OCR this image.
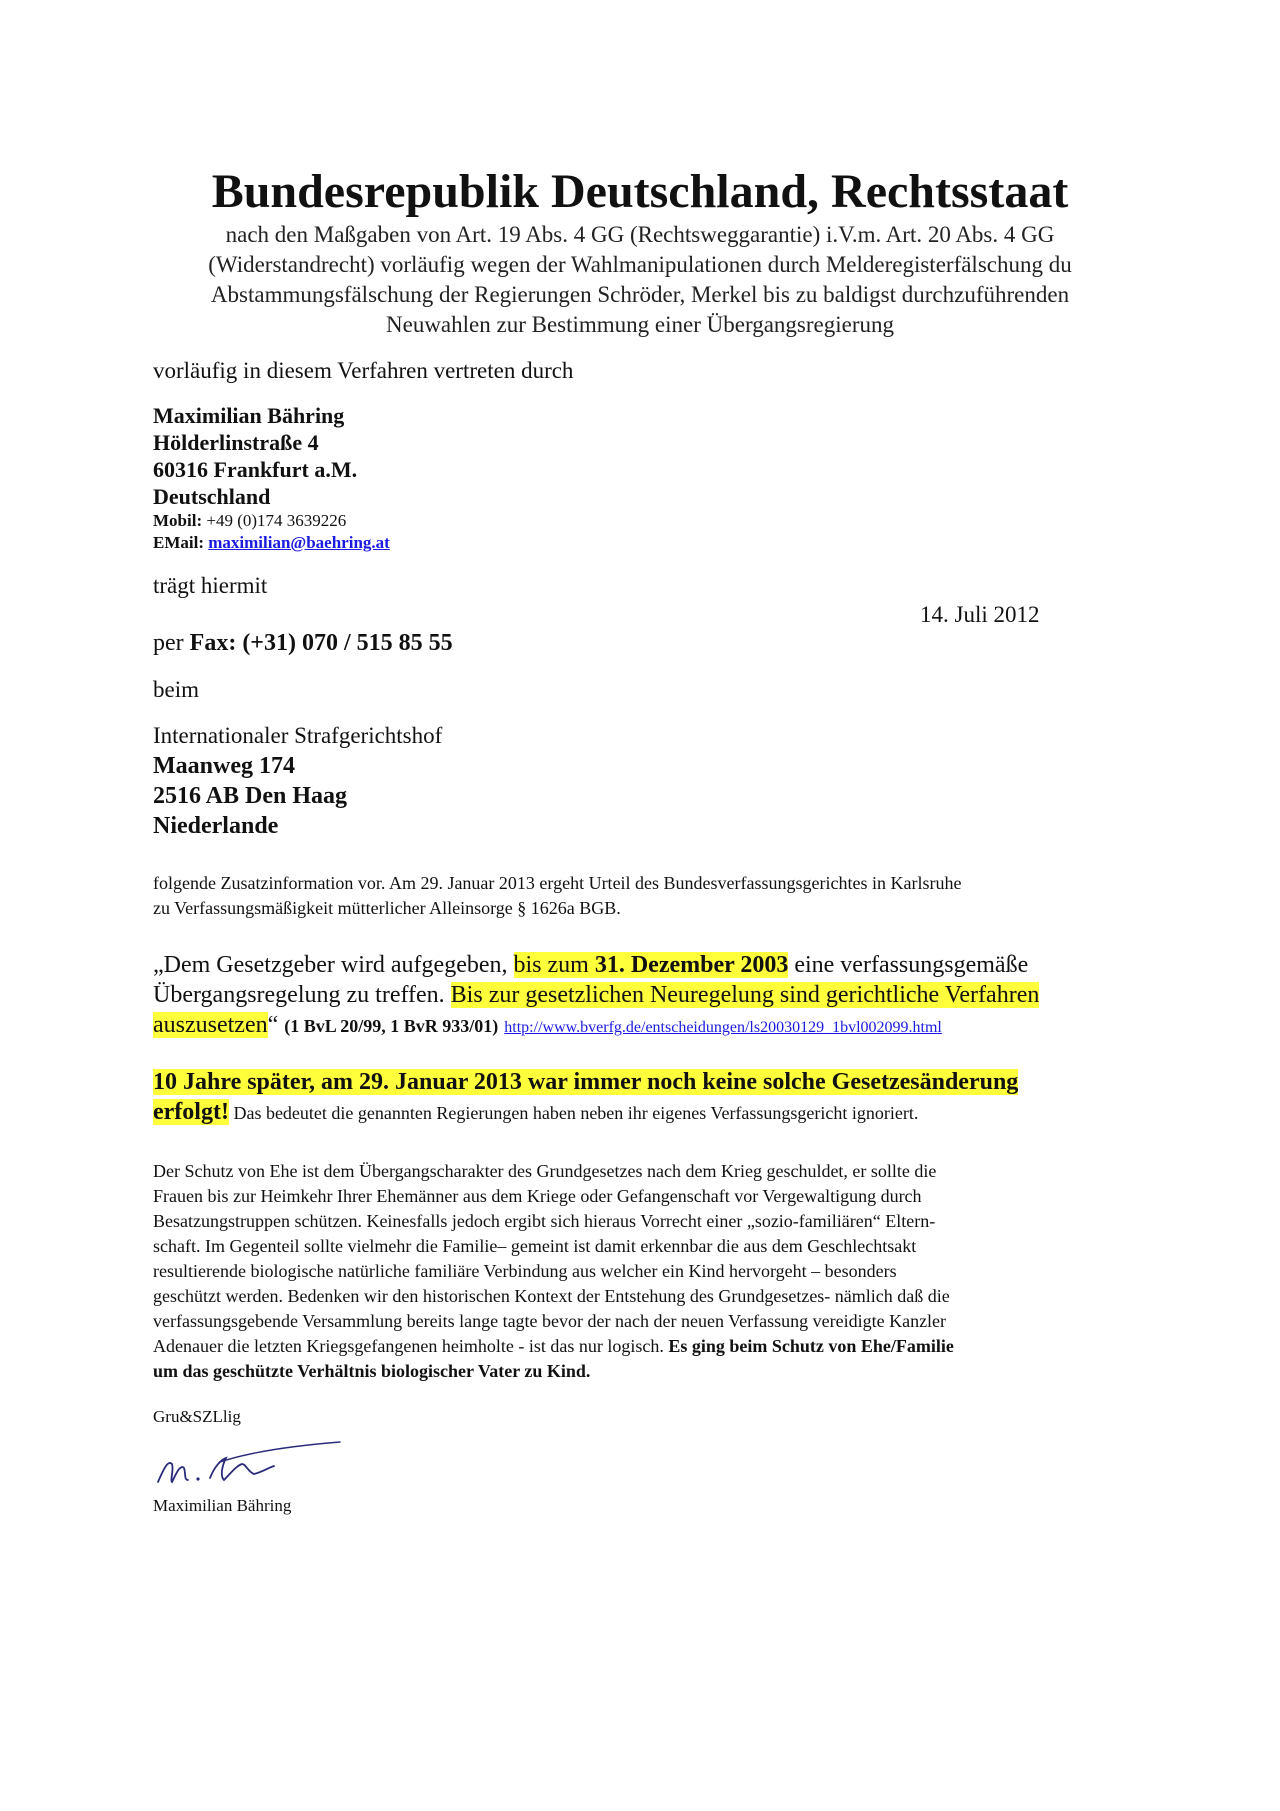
Bundesrepublik Deutschland, Rechtsstaat
nach den Maßgaben von Art. 19 Abs. 4 GG (Rechtsweggarantie) i.V.m. Art. 20 Abs. 4 GG
(Widerstandrecht) vorläufig wegen der Wahlmanipulationen durch Melderegisterfälschung du
Abstammungsfälschung der Regierungen Schröder, Merkel bis zu baldigst durchzuführenden
Neuwahlen zur Bestimmung einer Übergangsregierung
vorläufig in diesem Verfahren vertreten durch
Maximilian Bähring
Hölderlinstraße 4
60316 Frankfurt a.M.
Deutschland
Mobil: +49 (0)174 3639226
EMail: maximilian@baehring.at
trägt hiermit
14. Juli 2012
per Fax: (+31) 070 / 515 85 55
beim
Internationaler Strafgerichtshof
Maanweg 174
2516 AB Den Haag
Niederlande
folgende Zusatzinformation vor. Am 29. Januar 2013 ergeht Urteil des Bundesverfassungsgerichtes in Karlsruhe
zu Verfassungsmäßigkeit mütterlicher Alleinsorge § 1626a BGB.
„Dem Gesetzgeber wird aufgegeben, bis zum 31. Dezember 2003 eine verfassungsgemäße
Übergangsregelung zu treffen. Bis zur gesetzlichen Neuregelung sind gerichtliche Verfahren
auszusetzen“ (1 BvL 20/99, 1 BvR 933/01) http://www.bverfg.de/entscheidungen/ls20030129_1bvl002099.html
10 Jahre später, am 29. Januar 2013 war immer noch keine solche Gesetzesänderung
erfolgt! Das bedeutet die genannten Regierungen haben neben ihr eigenes Verfassungsgericht ignoriert.
Der Schutz von Ehe ist dem Übergangscharakter des Grundgesetzes nach dem Krieg geschuldet, er sollte die
Frauen bis zur Heimkehr Ihrer Ehemänner aus dem Kriege oder Gefangenschaft vor Vergewaltigung durch
Besatzungstruppen schützen. Keinesfalls jedoch ergibt sich hieraus Vorrecht einer „sozio-familiären“ Eltern-
schaft. Im Gegenteil sollte vielmehr die Familie– gemeint ist damit erkennbar die aus dem Geschlechtsakt
resultierende biologische natürliche familiäre Verbindung aus welcher ein Kind hervorgeht – besonders
geschützt werden. Bedenken wir den historischen Kontext der Entstehung des Grundgesetzes- nämlich daß die
verfassungsgebende Versammlung bereits lange tagte bevor der nach der neuen Verfassung vereidigte Kanzler
Adenauer die letzten Kriegsgefangenen heimholte - ist das nur logisch. Es ging beim Schutz von Ehe/Familie
um das geschützte Verhältnis biologischer Vater zu Kind.
Gru&SZLlig
Maximilian Bähring
